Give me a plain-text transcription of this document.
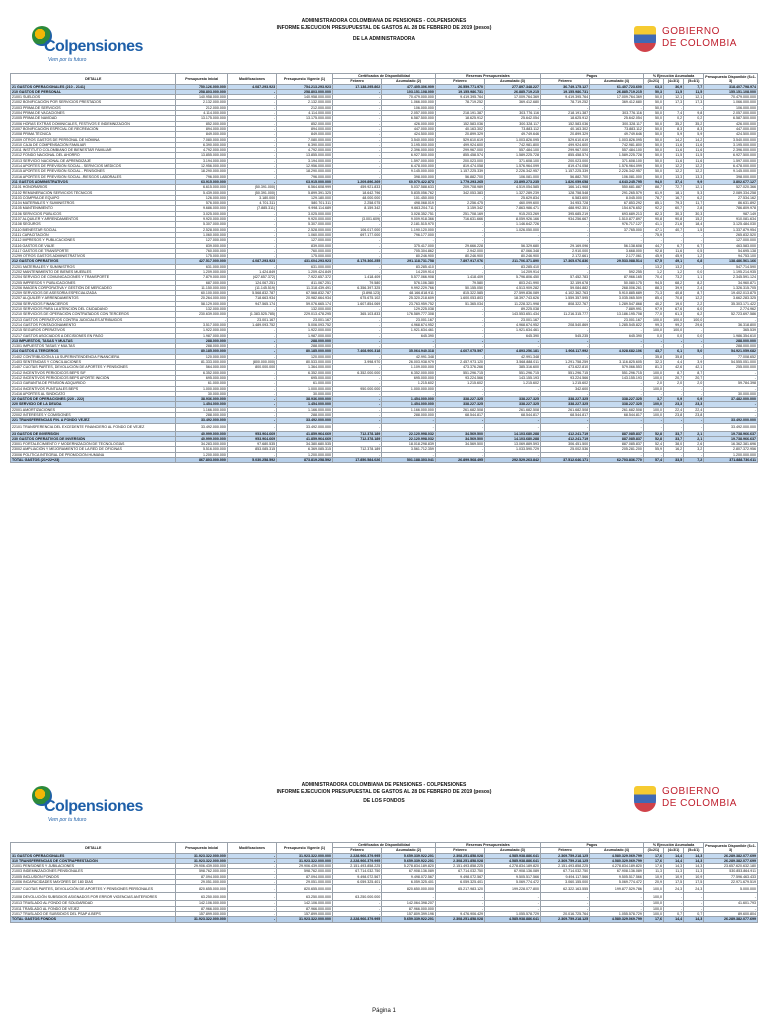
Colpensiones
Vem por tu futuro
ADMINISTRADORA COLOMBIANA DE PENSIONES - COLPENSIONES
INFORME EJECUCION PRESUPUESTAL DE GASTOS AL 28 DE FEBRERO DE 2019 (pesos)
DE LA ADMINISTRADORA
GOBIERNO
DE COLOMBIA
DETALLE	Presupuesto Inicial	Modificaciones	Presupuesto Vigente (1)	Certificados de Disponibilidad		Reservas Presupuestales		Pagos		% Ejecución Acumulada			Presupuesto Disponible (6=1-3)
				Febrero	Acumulado (2)	Febrero	Acumulado (3)	Febrero	Acumulado (4)	(3=2/1)	(4=3/1)	(5=4/1)	
21 GASTOS OPERACIONALES (210 - 2141)	750.126.000.000	4.087.293.923	754.213.293.923	17.138.295.862	477.405.306.909	26.559.771.970	277.897.348.227	36.749.175.127	61.407.723.600	63,3	36,9	7,7	318.407.798.974
210 GASTOS DE PERSONAL	258.803.000.000	-	258.803.000.000	-	103.151.108.000	19.155.986.731	26.885.719.215	19.155.986.731	26.885.719.215	50,3	11,5	11,5	155.151.108.000
21001 SUELDOS	140.958.000.000	-	140.958.000.000	-	70.479.000.000	9.419.395.764	17.009.764.369	9.419.395.764	17.009.764.369	50,0	12,1	12,1	70.479.000.000
21002 BONIFICACIÓN POR SERVICIOS PRESTADOS	2.132.000.000	-	2.132.000.000	-	1.066.000.000	78.719.252	369.412.680	78.719.252	369.412.680	50,0	17,3	17,3	1.066.000.000
21003 PRIMA DE SERVICIOS	212.000.000	-	212.000.000	-	106.000.000	-	-	-	-	50,0	-	-	106.000.000
21004 PRIMA DE VACACIONES	4.114.000.000	-	4.114.000.000	-	2.057.000.000	218.191.387	303.776.116	218.191.387	303.776.116	50,0	7,4	9,8	2.057.000.000
21005 PRIMA DE NAVIDAD	13.175.000.000	-	13.175.000.000	-	6.587.500.000	18.625.912	25.642.054	18.625.912	25.642.054	50,0	0,2	0,2	6.587.500.000
21006 HORAS EXTRAS DOMINICALES, FESTIVOS E INDEMNIZACIÓN	852.000.000	-	852.000.000	-	426.000.000	152.583.036	300.328.117	152.583.036	300.328.117	50,0	35,2	35,2	426.000.000
21007 BONIFICACIÓN ESPECIAL DE RECREACIÓN	894.000.000	-	894.000.000	-	447.000.000	40.163.302	73.883.112	40.163.302	73.883.112	50,0	8,3	8,3	447.000.000
21008 PRIMA TÉCNICA	849.000.000	-	849.000.000	-	424.500.000	20.899.329	49.749.646	20.899.329	49.749.646	50,0	5,9	5,9	424.500.000
21009 OTROS GASTOS DE PERSONAL DE NÓMINA	7.080.000.000	-	7.080.000.000	-	3.540.000.000	529.610.619	1.003.826.095	529.610.619	1.003.826.095	50,0	14,2	14,2	3.540.000.000
21010 CAJA DE COMPENSACIÓN FAMILIAR	6.390.000.000	-	6.390.000.000	-	3.195.000.000	499.924.600	742.981.800	499.924.600	742.981.800	50,0	11,6	11,6	3.195.000.000
21011 INSTITUTO COLOMBIANO DE BIENESTAR FAMILIAR	4.792.000.000	-	4.792.000.000	-	2.396.000.000	299.967.000	557.484.100	299.967.000	557.484.100	50,0	11,6	11,6	2.396.000.000
21012 FONDO NACIONAL DEL AHORRO	13.855.000.000	-	13.855.000.000	-	6.927.500.000	855.458.574	1.589.225.728	855.458.574	1.589.225.728	50,0	11,5	11,5	6.927.500.000
21013 SERVICIO NACIONAL DE APRENDIZAJE	3.194.000.000	-	3.194.000.000	-	1.597.000.000	200.023.000	371.608.100	200.023.000	371.608.100	50,0	11,6	11,6	1.597.000.000
21014 APORTES DE PREVISIÓN SOCIAL - SERVICIOS MÉDICOS	12.956.000.000	-	12.956.000.000	-	6.478.000.000	819.474.058	1.576.964.099	819.474.058	1.576.964.099	50,0	12,2	12,2	6.478.000.000
21015 APORTES DE PREVISIÓN SOCIAL - PENSIONES	18.290.000.000	-	18.290.000.000	-	9.145.000.000	1.157.225.339	2.226.342.957	1.157.225.339	2.226.342.957	50,0	12,2	12,2	9.145.000.000
21016 APORTES DE PREVISIÓN SOCIAL -RIESGOS LABORALES	796.000.000	-	796.000.000	-	398.000.000	56.882.700	106.081.000	56.882.700	106.081.000	50,0	13,3	13,3	398.000.000
211 GASTOS ADMINISTRATIVOS	63.915.000.000	-	63.915.000.000	1.209.896.269	60.070.422.873	1.779.293.265	23.895.273.235	1.826.059.658	4.643.245.795	94,0	37,4	9,9	3.802.677.127
21101 HONORARIOS	6.615.000.000	(50.391.000)	6.564.608.999	459.921.833	5.037.588.633	209.708.989	4.519.054.585	166.141.968	550.681.887	88,7	72,7	12,1	527.020.366
21102 REMUNERACIÓN SERVICIOS TÉCNICOS	5.439.000.000	(50.391.000)	5.899.391.325	18.642.796	5.835.056.762	342.053.383	1.327.289.239	128.758.548	291.265.579	61,9	18,1	5,3	2.089.334.258
21103 COMPRA DE EQUIPO	126.000.000	3.180.000	129.180.000	48.000.000	101.450.000	-	25.629.834	6.583.600	8.045.000	78,7	16,7	6,2	27.534.162
21104 MATERIALES Y SUMINISTROS	576.000.000	4.701.311	580.701.311	2.258.075	498.068.019	2.256.475	460.099.600	34.953.728	67.853.292	85,1	79,3	11,7	86.631.892
21105 MANTENIMIENTO	9.686.000.000	(7.885.311)	9.998.114.689	8.159.342	9.663.204.711	3.159.342	7.863.986.471	488.992.351	154.676.652	92,2	60,7	2,8	786.809.978
21106 SERVICIOS PÚBLICOS	3.025.000.000	-	3.025.000.000	-	3.028.352.751	251.708.169	915.203.269	395.685.219	693.689.213	82,3	30,3	30,3	987.149
21107 ALQUILER Y ARRENDAMIENTOS	9.920.000.000	-	9.920.000.000	(3.001.609)	9.009.918.366	716.631.666	8.059.926.166	934.256.667	1.510.877.897	90,8	90,8	15,2	910.081.634
21108 SEGUROS	5.307.000.000	-	5.307.000.000	-	2.181.515.970	-	1.146.642.726	-	976.717.127	41,1	21,6	18,4	3.125.484.030
21110 BIENESTAR SOCIAL	2.528.000.000	-	2.528.000.000	106.017.000	1.190.120.000	-	1.026.050.000	-	37.765.000	47,1	40,7	1,5	1.337.879.954
21111 CAPACITACIÓN	1.060.000.000	-	1.060.000.000	697.177.000	796.177.000	-	-	-	-	75,9	-	-	265.832.520
21112 IMPRESOS Y PUBLICACIONES	127.000.000	-	127.000.000	-	-	-	-	-	-	-	-	-	127.000.000
21116 GASTOS DE VIAJE	839.000.000	-	839.000.000	-	375.417.000	29.666.228	56.329.680	29.169.096	56.138.608	44,7	6,7	6,7	463.583.000
21117 GASTOS DE TRANSPORTE	760.000.000	-	760.000.000	-	705.304.862	2.942.000	87.066.348	2.910.000	3.668.000	92,8	11,6	0,5	54.695.138
21299 OTROS GASTOS ADMINISTRATIVOS	175.000.000	-	175.000.000	-	80.246.900	80.246.900	80.246.900	2.172.661	2.177.061	45,9	45,9	1,2	94.753.100
212 GASTOS OPERATIVOS	427.517.000.000	4.087.293.923	431.604.293.923	8.179.366.255	291.118.731.758	7.897.917.076	211.706.371.890	17.365.076.836	29.533.088.514	67,5	49,1	6,8	138.486.561.166
21201 MATERIALES Y SUMINISTROS	631.000.000	-	631.000.000	-	83.285.410	-	83.285.410	-	-	13,2	13,2	-	547.714.590
21202 MANTENIMIENTO DE BIENES MUEBLES	1.209.000.000	1.424.849	1.209.424.849	-	14.209.914	-	14.209.914	-	592.255	1,2	1,2	0,0	1.195.214.935
21204 SERVICIO DE COMUNICACIONES Y TRANSPORTE	7.879.000.000	(427.657.372)	7.922.657.372	1.418.409	5.577.066.908	1.418.409	5.796.806.450	57.452.783	87.966.165	70,4	73,2	1,1	2.345.591.124
21205 IMPRESOS Y PUBLICACIONES	687.000.000	124.067.251	811.067.251	79.580	576.106.380	79.580	803.241.990	32.159.678	50.080.175	94,5	68,2	8,2	34.960.871
21206 IMAGEN CORPORATIVA Y GESTIÓN DE MERCADEO	11.150.000.000	(11.145.519)	11.318.439.491	6.356.397.325	9.992.229.766	50.155.050	4.513.909.282	59.084.882	268.006.261	88,3	39,9	2,4	1.326.315.705
21209 SERVICIOS DE ASESORÍA ESPECIALIZADA	60.100.000.000	5.568.832.787	67.568.832.787	(3.898.123)	48.166.818.911	815.322.585	27.599.836.089	4.102.362.763	5.910.885.689	71,3	40,8	8,7	19.402.013.875
21207 ALQUILER Y ARRENDAMIENTOS	20.264.000.000	718.663.934	20.982.664.934	675.675.102	25.320.218.609	1.600.053.803	18.397.743.626	1.559.357.595	3.035.065.509	85,4	70,8	12,2	3.662.283.325
21208 SERVICIOS FINANCIEROS	58.129.000.000	947.565.174	59.076.665.174	1.607.854.069	23.763.959.752	51.365.034	11.228.321.998	808.322.767	1.289.547.868	40,2	19,0	2,2	35.303.171.422
21210 SERVICIOS PARA LA ATENCIÓN DEL CIUDADANO	132.000.000	-	132.000.000	-	129.225.038	-	89.225.038	-	7.889.991	97,9	67,6	6,0	2.774.962
21210 SERVICIOS DE OPERACIÓN CONTRATADOS CON TERCEROS	230.639.000.000	(1.383.525.785)	229.013.478.295	365.103.833	176.589.777.308	-	143.553.651.434	11.216.315.777	13.186.195.708	77,0	61,3	6,2	52.723.697.586
21213 GASTOS OPERATIVOS CONTRA JUDICIALES ATRIBUIDOS	-	23.001.167	23.001.167	-	23.001.167	-	23.001.167	-	23.001.167	100,0	100,0	100,0	-
21214 GASTOS FONTACIONAMIENTO	3.517.000.000	1.489.093.752	5.006.093.752	-	4.968.674.952	-	4.968.674.952	208.540.869	1.285.545.822	99,3	99,2	29,6	36.318.800
21215 SEGUROS OPERATIVOS	1.922.000.000	-	1.922.000.000	-	1.921.634.461	-	1.921.634.461	-	-	100,0	100,0	-	365.539
21217 GASTOS ASOCIADOS A DECISIONES EN PAGO	1.987.000.000	-	1.987.000.000	-	645.390	-	645.390	545.235	645.390	0,0	0,0	0,0	1.986.354.610
213 IMPUESTOS, TASAS Y MULTAS	288.000.000	-	288.000.000	-	-	-	-	-	-	-	-	-	288.000.000
21301 IMPUESTOS TASAS Y MULTAS	288.000.000	-	288.000.000	-	-	-	-	-	-	-	-	-	288.000.000
214 GASTOS A TERCEROS	80.185.000.000	-	80.185.000.000	7.408.900.318	35.064.940.318	4.607.075.597	4.893.256.181	1.908.117.992	4.028.682.106	43,7	6,1	5,0	54.921.059.682
21402 CONTRIBUCIÓN A LA SUPERINTENDENCIA FINANCIERA	120.000.000	-	120.000.000	-	42.991.348	-	42.991.348	-	-	35,8	35,8	-	77.008.652
21403 SENTENCIAS Y CONCILIACIONES	81.333.000.000	(800.000.000)	80.533.000.000	3.998.970	26.003.938.979	2.457.973.120	3.568.888.011	1.291.758.259	3.116.825.605	32,3	4,4	3,9	54.555.051.000
21407 CUOTAS PARTES, DEVOLUCIÓN DE APORTES Y PENSIONES	564.000.000	800.000.000	1.364.000.000	-	1.109.000.000	473.376.266	385.316.600	473.622.810	579.066.553	81,3	42,6	42,1	255.000.000
21412 INCENTIVOS PERIODICOS BEPS SIF	6.352.000.000	-	6.352.000.000	6.352.000.000	6.352.000.000	551.296.715	551.296.715	551.296.715	551.296.715	100,0	8,7	8,7	-
21412 INCENTIVOS PERIODICOS BEPS APORTE INICIÓN	695.000.000	-	695.000.000	-	695.000.000	93.224.566	143.155.193	93.224.566	143.155.193	100,0	20,7	20,7	-
21413 GARANTÍA DE PENSIÓN ADQUIRIDO	61.000.000	-	61.000.000	-	1.215.602	1.215.602	1.215.602	1.215.602	-	2,0	2,0	2,0	59.784.398
21414 INCENTIVOS PUNTUALES BEPS	1.000.000.000	-	1.000.000.000	950.000.000	1.000.000.000	-	-	342.600	-	100,0	-	-	-
21416 APORTES AL SINDICATO	30.000.000	-	30.000.000	-	-	-	-	-	-	-	-	-	30.000.000
22 GASTOS DE OPERACIONES (220 - 222)	38.936.000.000	-	38.936.000.000	-	1.454.000.000	338.227.325	338.227.325	338.227.325	338.227.325	3,7	0,9	0,9	37.482.000.000
220 SERVICIO DE LA DEUDA	1.454.000.000	-	1.454.000.000	-	1.454.000.000	338.227.325	338.227.325	338.227.325	338.227.325	100,0	23,3	23,3	-
22001 AMORTIZACIONES	1.166.000.000	-	1.166.000.000	-	1.166.000.000	261.682.508	261.682.508	261.682.508	261.682.508	100,0	22,4	22,4	-
22002 INTERESES Y COMISIONES	288.000.000	-	288.000.000	-	288.000.000	68.544.817	68.544.817	68.544.817	68.544.817	100,0	23,8	23,8	-
221 TRANSFERENCIAS FIN. A FONDO VEJEZ	33.492.000.000	-	33.492.000.000	-	-	-	-	-	-	-	-	-	33.492.000.000
22101 TRANSFERENCIA DEL EXCEDENTE FINANCIERO AL FONDO DE VEJEZ	33.492.000.000	-	33.492.000.000	-	-	-	-	-	-	-	-	-	33.492.000.000
23 GASTOS DE INVERSIÓN	40.999.000.000	953.964.669	41.859.964.669	712.378.189	22.120.998.032	34.569.500	14.103.680.288	412.241.719	887.085.837	52,8	33,7	2,1	19.738.966.637
230 GASTOS OPERATIVOS DE INVERSIÓN	40.999.000.000	953.964.669	41.859.964.669	712.378.189	22.120.998.032	34.569.500	14.103.680.288	412.241.719	887.085.837	52,8	33,7	2,1	19.738.966.637
23001 FORTALECIMIENTO Y MODERNIZACIÓN DE TECNOLOGÍAS	34.283.000.000	97.680.535	34.380.680.535	-	18.018.298.839	34.569.500	13.069.889.593	306.451.500	887.085.837	52,4	38,0	2,6	16.362.381.696
23002 AMPLIACIÓN Y MEJORAMIENTO DE LA RED DE OFICINAS	5.516.000.000	853.085.315	6.369.085.315	712.378.189	3.561.712.359	-	1.033.590.729	25.002.536	205.281.200	55,9	16,2	3,2	2.807.372.956
23006 POLÍTICA INTEGRAL DE PROMOCIÓN HUMANA	1.200.000.000	-	1.200.000.000	-	-	-	-	-	-	-	-	-	1.200.000.000
TOTAL GASTOS (21+22+23)	867.803.000.000	5.030.258.592	873.819.258.592	17.850.584.026	501.188.303.041	26.899.568.495	292.529.263.842	37.512.646.171	62.703.836.770	57,4	33,5	7,2	371.888.730.611
Colpensiones
Vem por tu futuro
ADMINISTRADORA COLOMBIANA DE PENSIONES - COLPENSIONES
INFORME EJECUCION PRESUPUESTAL DE GASTOS AL 28 DE FEBRERO DE 2019 (pesos)
DE LOS FONDOS
GOBIERNO
DE COLOMBIA
DETALLE	Presupuesto Inicial	Modificaciones	Presupuesto Vigente (1)	Certificados de Disponibilidad		Reservas Presupuestales		Pagos		% Ejecución Acumulada			Presupuesto Disponible (6=1-3)
				Febrero	Acumulado (2)	Febrero	Acumulado (3)	Febrero	Acumulado (4)	(3=2/1)	(4=3/1)	(5=4/1)	
31 GASTOS OPERACIONALES	31.923.322.000.000	-	31.923.322.000.000	2.228.966.379.995	5.659.339.922.201	2.308.251.858.028	4.585.938.886.641	2.369.759.218.125	4.580.329.069.799	17,6	14,4	14,3	26.289.382.077.699
310 TRANSFERENCIAS DE CONTRAPRESTACIÓN	31.923.322.000.000	-	31.923.322.000.000	2.228.966.379.995	5.659.339.922.201	2.308.251.858.028	4.585.938.886.641	2.369.759.218.125	4.580.329.069.799	17,6	14,4	14,3	26.289.382.077.699
21001 PENSIONES Y JUBILACIONES	29.906.439.000.000	-	29.906.439.000.000	2.151.493.858.225	5.278.834.189.820	2.151.493.858.225	4.278.834.189.820	2.151.493.858.225	4.278.834.189.820	17,6	14,3	14,3	23.657.620.632.180
21003 INDEMNIZACIONES PENSIONALES	598.762.000.000	-	598.762.000.000	67.714.032.750	67.908.136.089	67.714.032.750	67.908.136.089	67.714.032.750	67.908.136.089	11,3	11,3	11,3	530.853.864.911
21005 INCLUSIÓN FONDOS	87.094.000.000	-	87.094.000.000	9.498.072.567	9.498.072.567	9.498.072.567	9.505.517.566	9.494.117.566	9.505.517.566	10,9	10,9	10,9	77.596.463.433
21006 INCAPACIDADES MAYORES DE 180 DÍAS	29.051.000.000	-	29.051.000.000	6.059.325.401	6.059.325.401	6.059.325.401	5.069.774.472	3.060.155.000	5.069.774.472	20,9	17,5	17,5	22.971.679.519
21007 CUOTAS PARTES, DEVOLUCIÓN DE APORTES Y PENSIONES PERSONALES	820.655.000.000	-	820.655.000.000	-	820.650.000.000	65.217.983.120	199.228.077.800	62.322.163.555	199.877.529.786	100,0	24,3	24,3	5.000.000
21008 DEVOLUCIÓN SUBSIDIOS ASIGNADOS POR ERROR VIGENCIAS ANTERIORES	63.250.000.000	-	63.250.000.000	63.250.000.000	-	-	-	-	-	100,0	-	-	-
21013 TRASLADO AL FONDO DE SOLIDARIDAD	142.106.000.000	-	142.106.000.000	-	142.064.398.207	-	-	-	-	100,0	-	-	41.601.793
21011 TRASLADO AL FONDO DE VEJEZ	87.966.000.000	-	87.966.000.000	-	87.966.000.000	-	-	-	-	100,0	-	-	-
21017 TRASLADO DE SUBSIDIOS DEL PSAP A BEPS	157.899.000.000	-	157.899.000.000	-	157.809.399.196	9.476.906.429	1.055.578.729	20.016.725.764	1.055.578.729	100,0	0,7	0,7	89.600.804
TOTAL GASTOS FONDOS	31.923.322.000.000	-	31.923.322.000.000	2.228.966.379.995	5.659.339.922.201	2.308.251.858.028	4.585.938.886.641	2.369.759.218.125	4.580.329.069.799	17,6	14,4	14,3	26.289.382.077.699
Página 1
